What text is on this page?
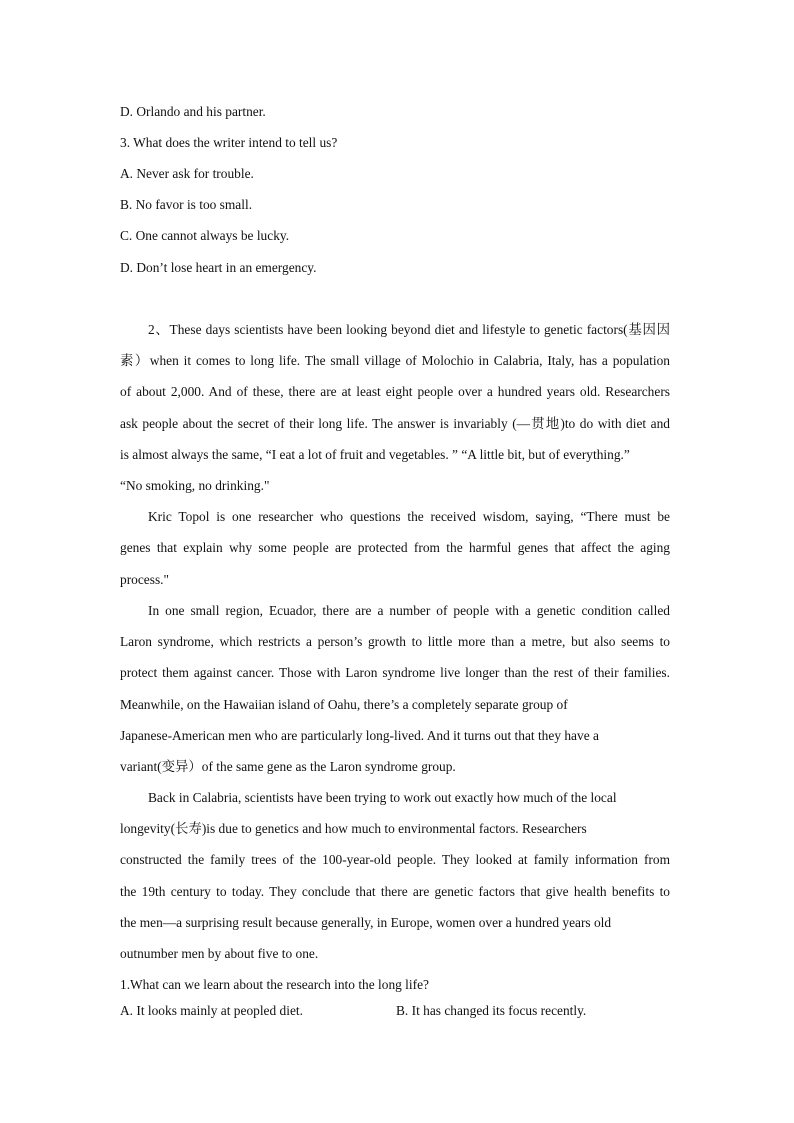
D. Orlando and his partner.
3. What does the writer intend to tell us?
A. Never ask for trouble.
B. No favor is too small.
C. One cannot always be lucky.
D. Don’t lose heart in an emergency.
2、These days scientists have been looking beyond diet and lifestyle to genetic factors(基因因
素）when it comes to long life. The small village of Molochio in Calabria, Italy, has a population
of about 2,000. And of these, there are at least eight people over a hundred years old. Researchers
ask people about the secret of their long life. The answer is invariably (—贯地)to do with diet and
is almost always the same, “I eat a lot of fruit and vegetables. ” “A little bit, but of everything.”
“No smoking, no drinking."
Kric Topol is one researcher who questions the received wisdom, saying, “There must be
genes that explain why some people are protected from the harmful genes that affect the aging
process."
In one small region, Ecuador, there are a number of people with a genetic condition called
Laron syndrome, which restricts a person’s growth to little more than a metre, but also seems to
protect them against cancer. Those with Laron syndrome live longer than the rest of their families.
Meanwhile, on the Hawaiian island of Oahu, there’s a completely separate group of
Japanese-American men who are particularly long-lived. And it turns out that they have a
variant(变异）of the same gene as the Laron syndrome group.
Back in Calabria, scientists have been trying to work out exactly how much of the local
longevity(长寿)is due to genetics and how much to environmental factors. Researchers
constructed the family trees of the 100-year-old people. They looked at family information from
the 19th century to today. They conclude that there are genetic factors that give health benefits to
the men—a surprising result because generally, in Europe, women over a hundred years old
outnumber men by about five to one.
1.What can we learn about the research into the long life?
A. It looks mainly at peopled diet.	B. It has changed its focus recently.
